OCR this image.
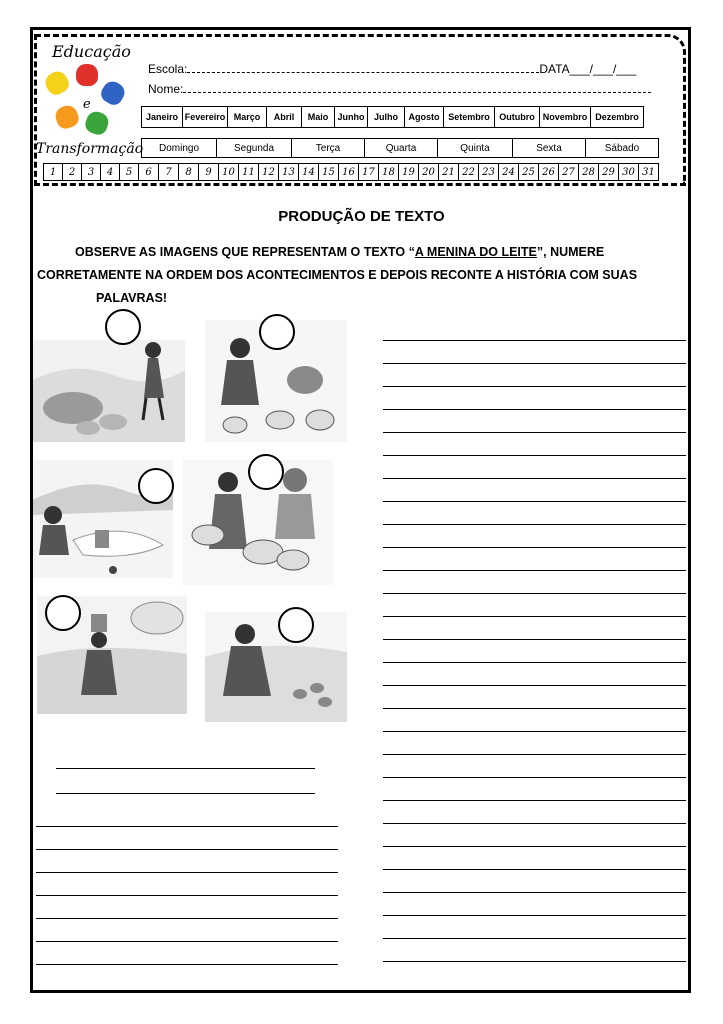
Educação
e
Transformação
Escola:	DATA___/___/___
Nome:
Janeiro Fevereiro Março	Abril	Maio	Junho	Julho	Agosto Setembro	Outubro Novembro Dezembro
Domingo	Segunda	Terça	Quarta	Quinta	Sexta	Sábado
1	2	3	4	5	6	7	8	9	10 11 12 13 14 15 16 17 18 19 20 21 22 23 24 25 26 27 28 29 30 31
PRODUÇÃO DE TEXTO
OBSERVE AS IMAGENS QUE REPRESENTAM O TEXTO “A MENINA DO LEITE”, NUMERE
CORRETAMENTE NA ORDEM DOS ACONTECIMENTOS E DEPOIS RECONTE A HISTÓRIA COM SUAS
PALAVRAS!
